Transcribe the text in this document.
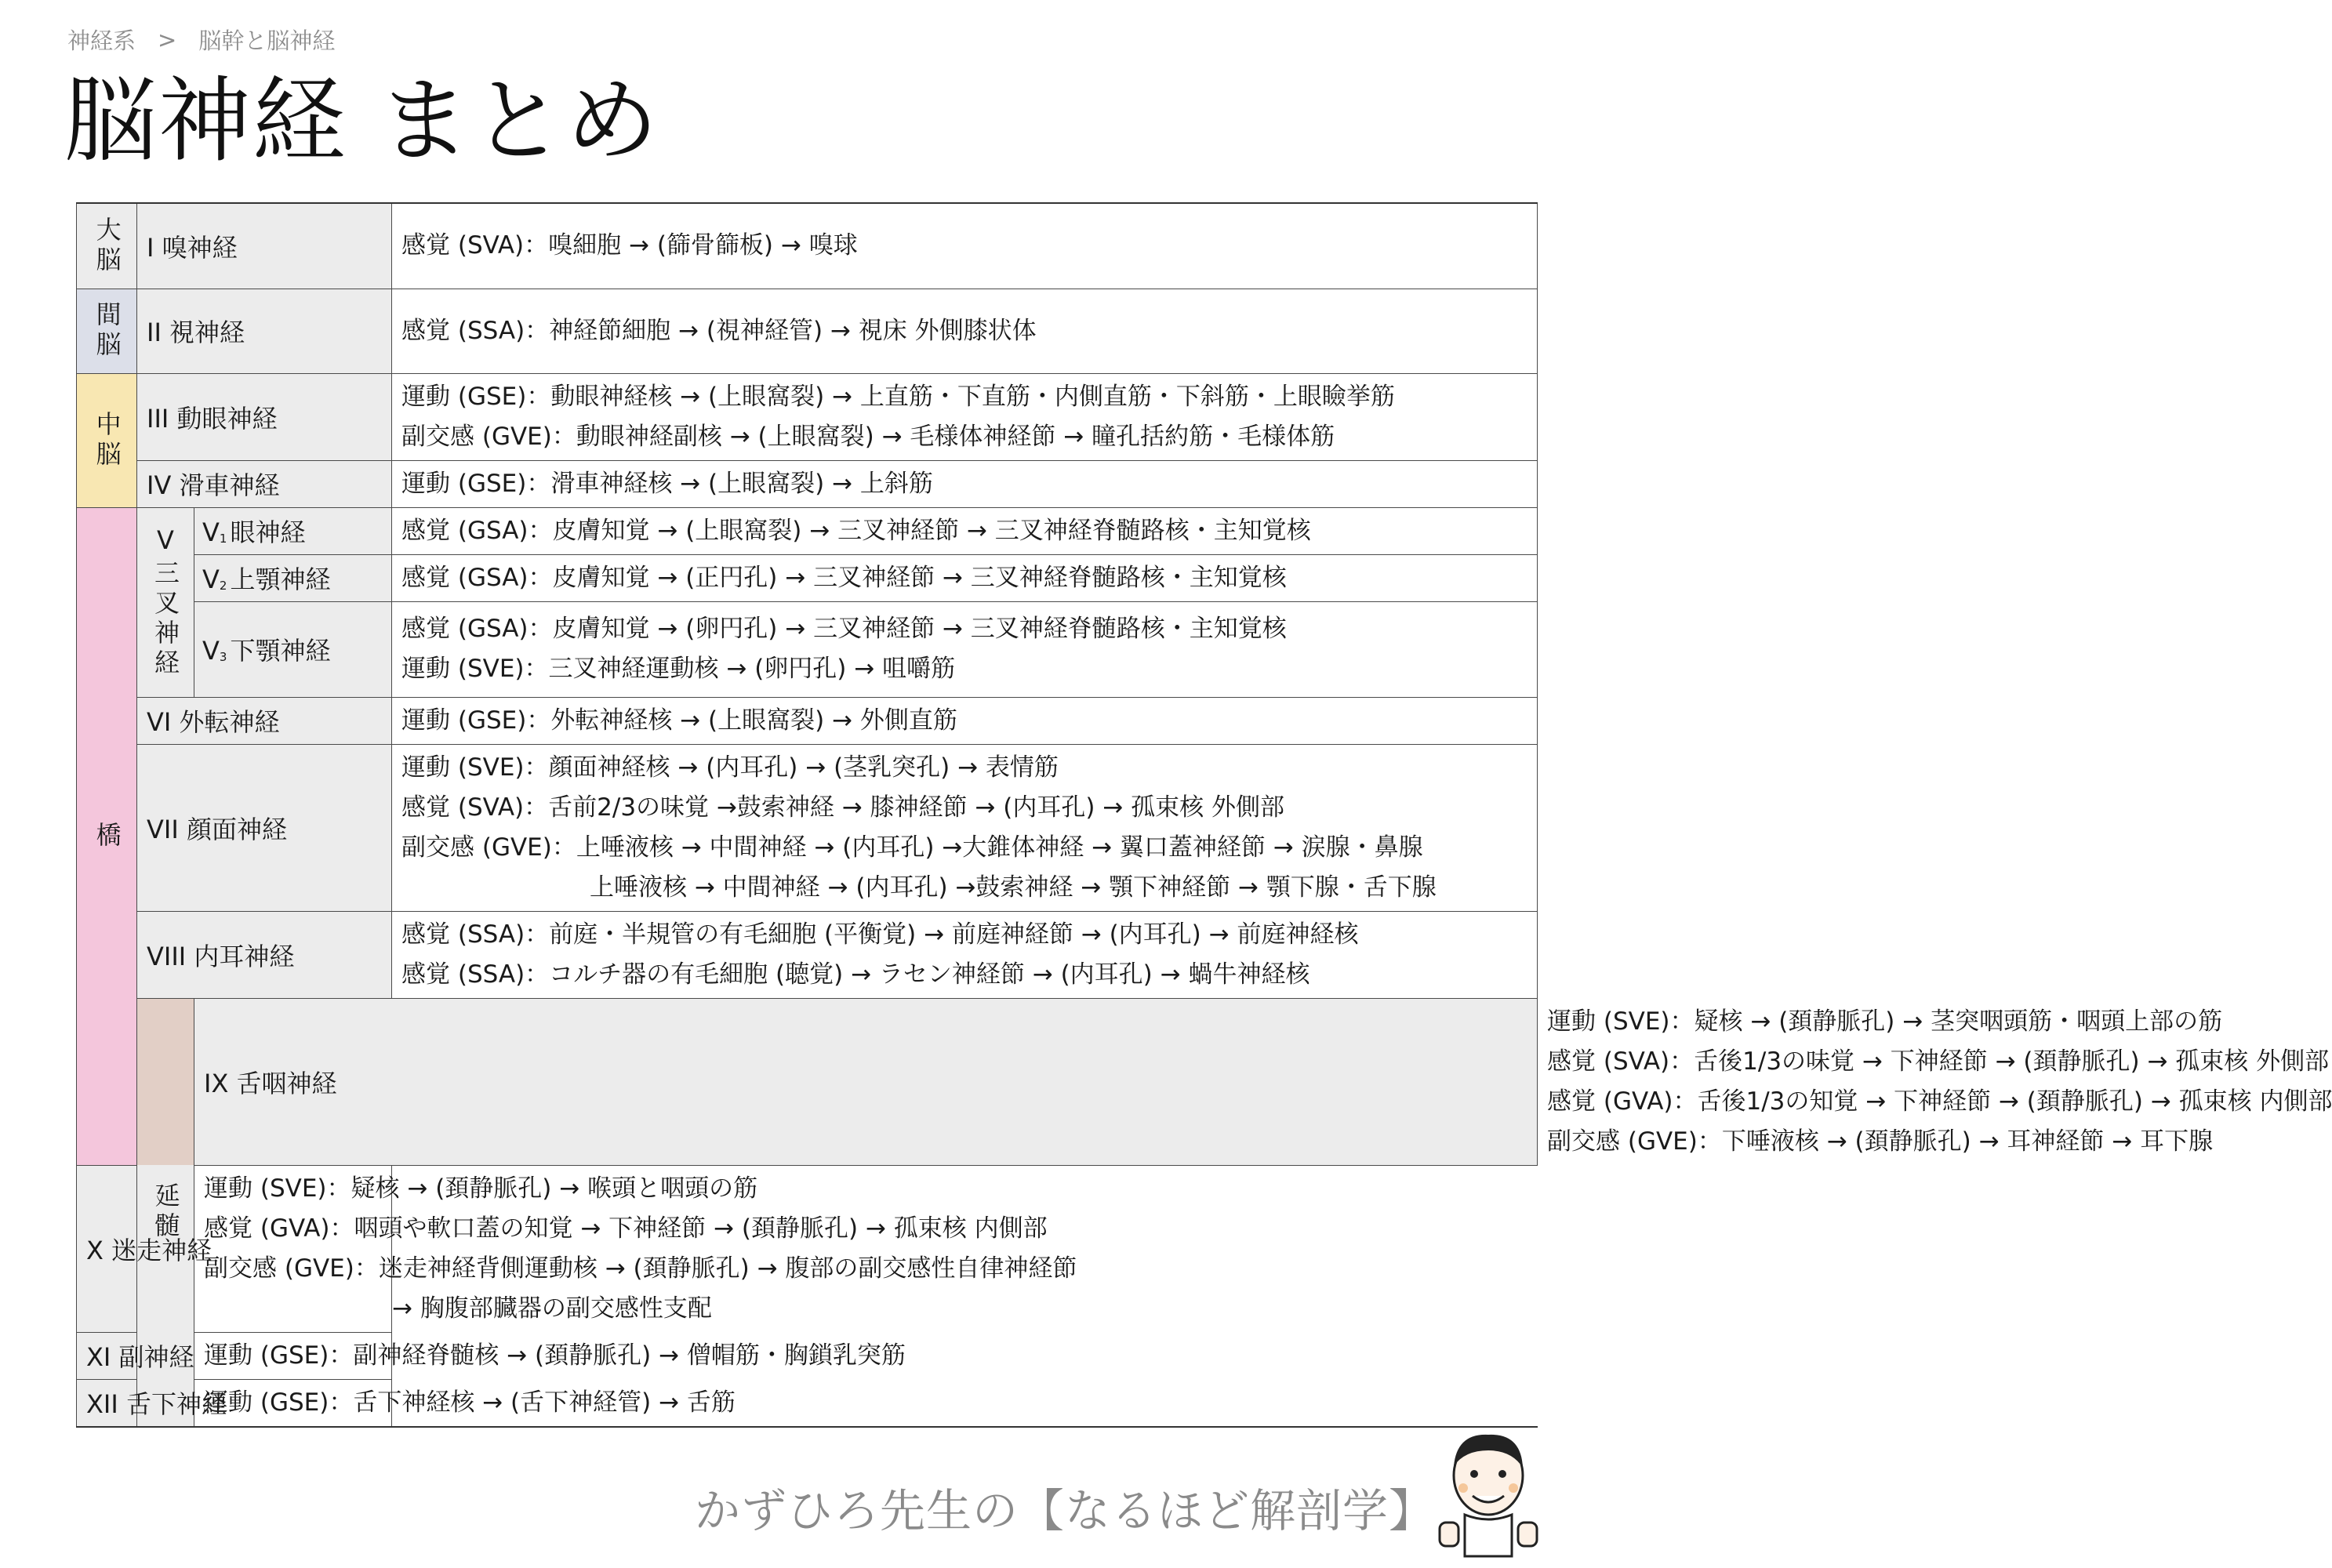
神経系 > 脳幹と脳神経
脳神経 まとめ
大脳	I 嗅神経		感覚 (SVA)：嗅細胞 → (篩骨篩板) → 嗅球	

間脳	II 視神経		感覚 (SSA)：神経節細胞 → (視神経管) → 視床 外側膝状体	

中脳	III 動眼神経		運動 (GSE)：動眼神経核 → (上眼窩裂) → 上直筋・下直筋・内側直筋・下斜筋・上眼瞼挙筋
副交感 (GVE)：動眼神経副核 → (上眼窩裂) → 毛様体神経節 → 瞳孔括約筋・毛様体筋	

	IV 滑車神経		運動 (GSE)：滑車神経核 → (上眼窩裂) → 上斜筋	

橋	V三叉神経	$V_1$ 眼神経	感覚 (GSA)：皮膚知覚 → (上眼窩裂) → 三叉神経節 → 三叉神経脊髄路核・主知覚核	

		$V_2$ 上顎神経	感覚 (GSA)：皮膚知覚 → (正円孔) → 三叉神経節 → 三叉神経脊髄路核・主知覚核	

		$V_3$ 下顎神経	感覚 (GSA)：皮膚知覚 → (卵円孔) → 三叉神経節 → 三叉神経脊髄路核・主知覚核
運動 (SVE)：三叉神経運動核 → (卵円孔) → 咀嚼筋	

	VI 外転神経		運動 (GSE)：外転神経核 → (上眼窩裂) → 外側直筋	

	VII 顔面神経		運動 (SVE)：顔面神経核 → (内耳孔) → (茎乳突孔) → 表情筋
感覚 (SVA)：舌前2/3の味覚 →鼓索神経 → 膝神経節 → (内耳孔) → 孤束核 外側部
副交感 (GVE)：上唾液核 → 中間神経 → (内耳孔) →大錐体神経 → 翼口蓋神経節 → 涙腺・鼻腺
上唾液核 → 中間神経 → (内耳孔) →鼓索神経 → 顎下神経節 → 顎下腺・舌下腺	

	VIII 内耳神経		感覚 (SSA)：前庭・半規管の有毛細胞 (平衡覚) → 前庭神経節 → (内耳孔) → 前庭神経核
感覚 (SSA)：コルチ器の有毛細胞 (聴覚) → ラセン神経節 → (内耳孔) → 蝸牛神経核	

	延髄	IX 舌咽神経		運動 (SVE)：疑核 → (頚静脈孔) → 茎突咽頭筋・咽頭上部の筋
感覚 (SVA)：舌後1/3の味覚 → 下神経節 → (頚静脈孔) → 孤束核 外側部
感覚 (GVA)：舌後1/3の知覚 → 下神経節 → (頚静脈孔) → 孤束核 内側部
副交感 (GVE)：下唾液核 → (頚静脈孔) → 耳神経節 → 耳下腺

X 迷走神経		運動 (SVE)：疑核 → (頚静脈孔) → 喉頭と咽頭の筋
感覚 (GVA)：咽頭や軟口蓋の知覚 → 下神経節 → (頚静脈孔) → 孤束核 内側部
副交感 (GVE)：迷走神経背側運動核 → (頚静脈孔) → 腹部の副交感性自律神経節
→ 胸腹部臓器の副交感性支配		

XI 副神経		運動 (GSE)：副神経脊髄核 → (頚静脈孔) → 僧帽筋・胸鎖乳突筋		

XII 舌下神経		運動 (GSE)：舌下神経核 → (舌下神経管) → 舌筋		
かずひろ先生の【なるほど解剖学】
